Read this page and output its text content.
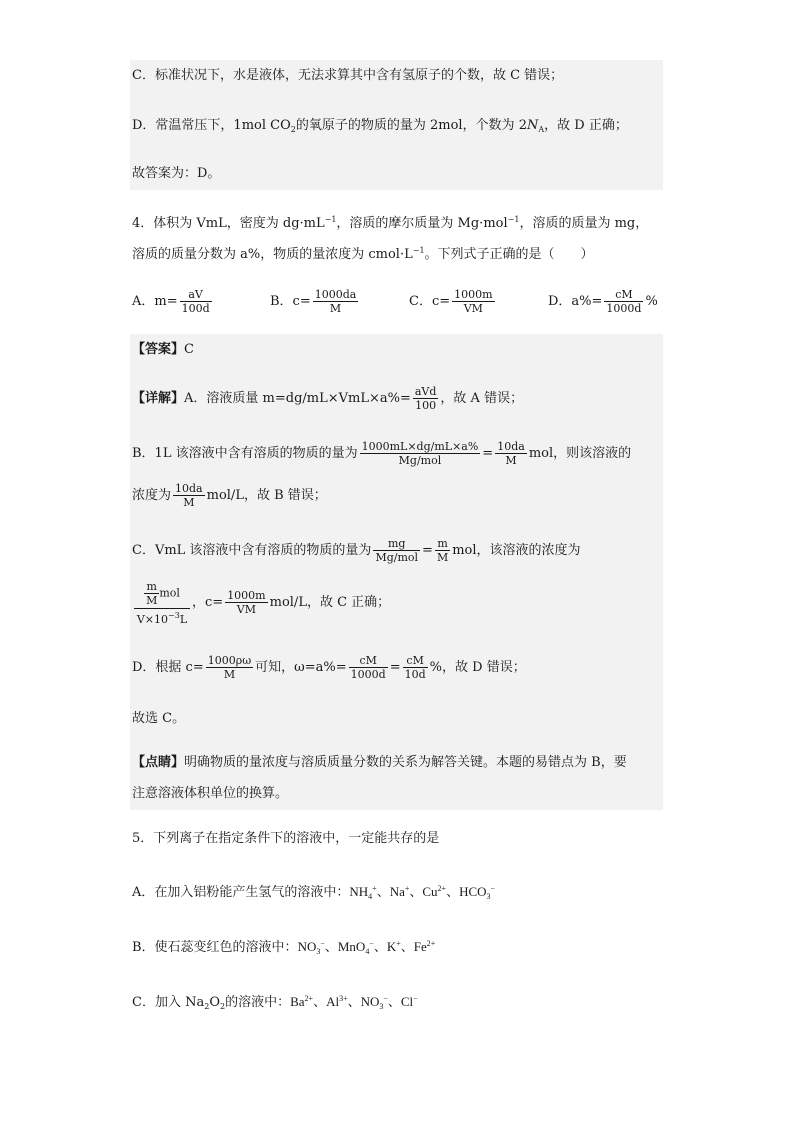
C．标准状况下，水是液体，无法求算其中含有氢原子的个数，故 C 错误；
D．常温常压下，1mol $CO_2$的氧原子的物质的量为 2mol，个数为 $2N_A$，故 D 正确；
故答案为：D。
4．体积为 VmL，密度为 $dg\cdot mL^{-1}$，溶质的摩尔质量为 Mg·mol$^{-1}$，溶质的质量为 mg，
溶质的质量分数为 a%，物质的量浓度为 $cmol\cdot L^{-1}$。下列式子正确的是（　　）
A．$m= \frac{aV}{100d}$	B．$c= \frac{1000da}{M}$	C．$c= \frac{1000m}{VM}$	D．$a\%= \frac{cM}{1000d}$ %
【答案】C
【详解】A．溶液质量 $m=dg/mL\times VmL\times a\%= \frac{\text{aVd}}{100}$ ，故 A 错误；
B．1L 该溶液中含有溶质的物质的量为 $\frac{1000mL\times dg/mL\times a\%}{\text{Mg/mol}} = \frac{10da}{M}$ mol，则该溶液的
浓度为 $\frac{10da}{M} mol/L$，故 B 错误；
C．VmL 该溶液中含有溶质的物质的量为 $\frac{mg}{\text{Mg/mol}} = \frac{m}{M}$ mol，该溶液的浓度为
$\frac{\frac{m}{M} mol}{V\times 10^{-3}L}$ ，$c= \frac{1000m}{VM} mol/L$，故 C 正确；
D．根据 $c= \frac{1000\rho\omega}{M}$ 可知，$\omega=a\%= \frac{cM}{1000d} = \frac{cM}{10d}$ %，故 D 错误；
故选 C。
【点睛】明确物质的量浓度与溶质质量分数的关系为解答关键。本题的易错点为 B，要
注意溶液体积单位的换算。
5．下列离子在指定条件下的溶液中，一定能共存的是
A．在加入铝粉能产生氢气的溶液中：$NH_4^+$、Na+、$Cu^{2+}$、$HCO_3^-$
B．使石蕊变红色的溶液中：$NO_3^-$、MnO$_4$−、K+、$Fe^{2+}$
C．加入 $Na_2O_2$的溶液中：$Ba^{2+}$、$Al^{3+}$、$NO_3^-$、Cl−
